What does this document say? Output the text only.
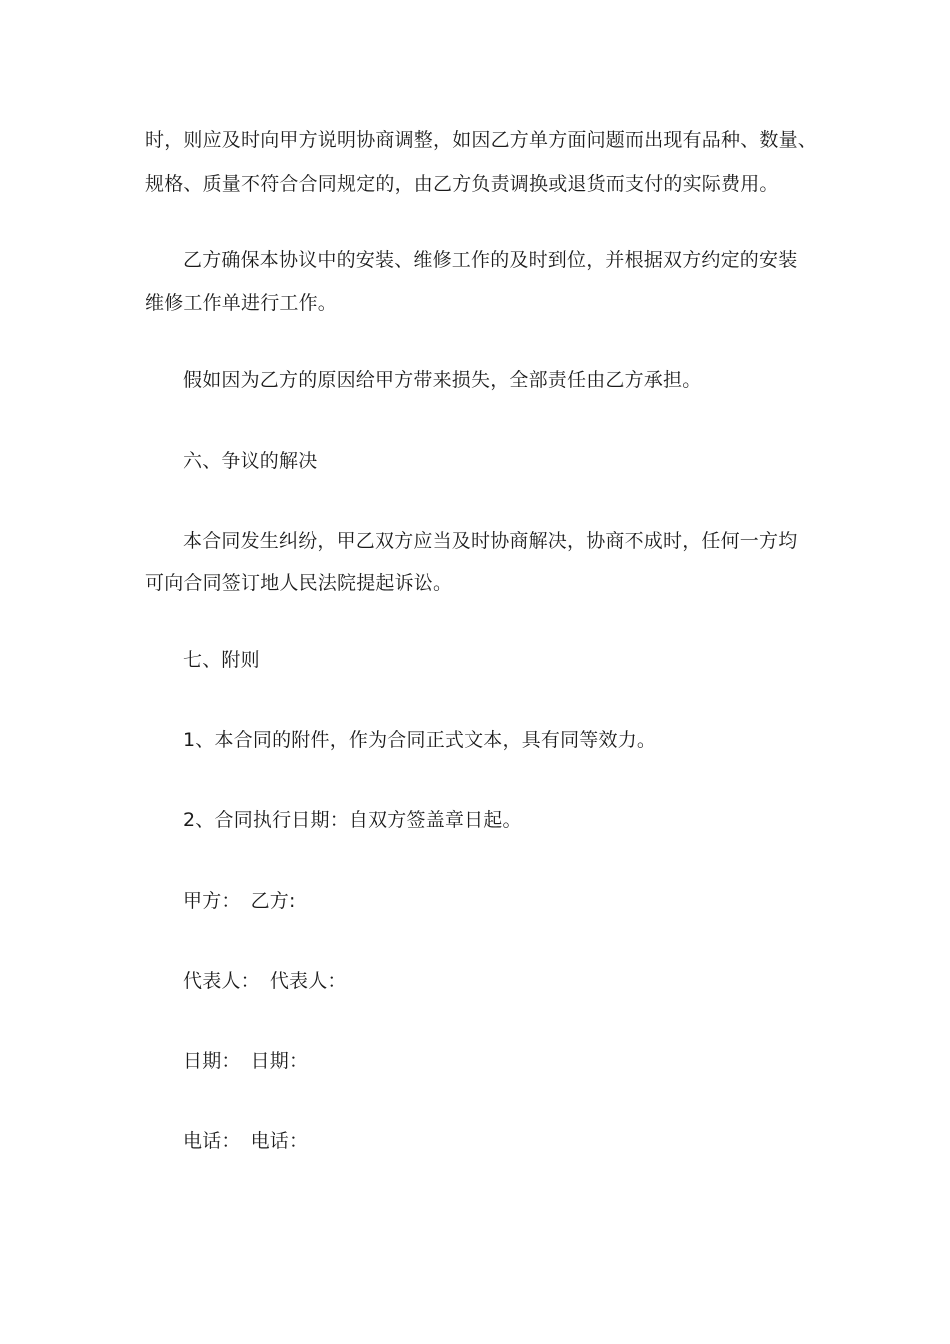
时，则应及时向甲方说明协商调整，如因乙方单方面问题而出现有品种、数量、
规格、质量不符合合同规定的，由乙方负责调换或退货而支付的实际费用。
乙方确保本协议中的安装、维修工作的及时到位，并根据双方约定的安装
维修工作单进行工作。
假如因为乙方的原因给甲方带来损失，全部责任由乙方承担。
六、争议的解决
本合同发生纠纷，甲乙双方应当及时协商解决，协商不成时，任何一方均
可向合同签订地人民法院提起诉讼。
七、附则
1、本合同的附件，作为合同正式文本，具有同等效力。
2、合同执行日期：自双方签盖章日起。
甲方： 乙方:
代表人： 代表人：
日期： 日期：
电话： 电话：
